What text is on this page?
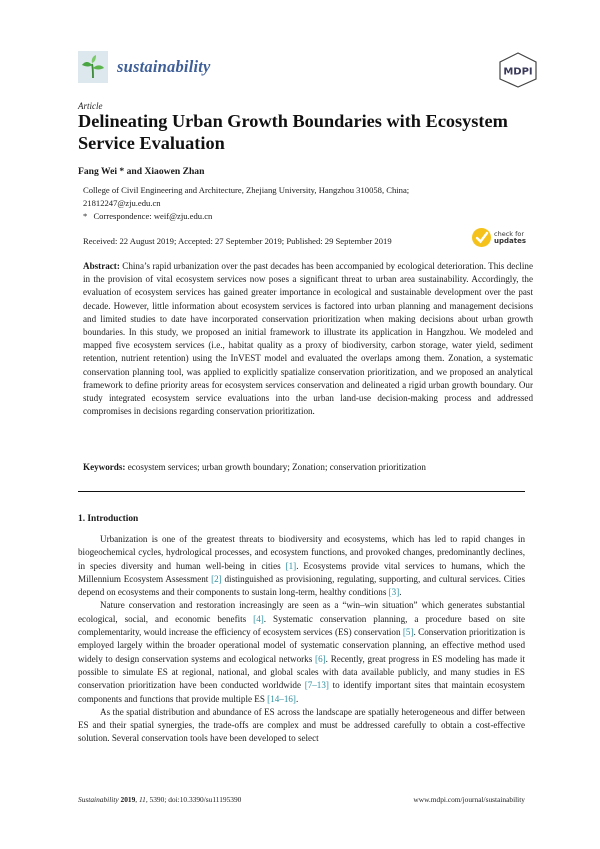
sustainability	MDPI
Article
Delineating Urban Growth Boundaries with Ecosystem Service Evaluation
Fang Wei * and Xiaowen Zhan
College of Civil Engineering and Architecture, Zhejiang University, Hangzhou 310058, China;
21812247@zju.edu.cn
* Correspondence: weif@zju.edu.cn
Received: 22 August 2019; Accepted: 27 September 2019; Published: 29 September 2019
check for
updates
Abstract: China’s rapid urbanization over the past decades has been accompanied by ecological deterioration. This decline in the provision of vital ecosystem services now poses a significant threat to urban area sustainability. Accordingly, the evaluation of ecosystem services has gained greater importance in ecological and sustainable development over the past decade. However, little information about ecosystem services is factored into urban planning and management decisions and limited studies to date have incorporated conservation prioritization when making decisions about urban growth boundaries. In this study, we proposed an initial framework to illustrate its application in Hangzhou. We modeled and mapped five ecosystem services (i.e., habitat quality as a proxy of biodiversity, carbon storage, water yield, sediment retention, nutrient retention) using the InVEST model and evaluated the overlaps among them. Zonation, a systematic conservation planning tool, was applied to explicitly spatialize conservation prioritization, and we proposed an analytical framework to define priority areas for ecosystem services conservation and delineated a rigid urban growth boundary. Our study integrated ecosystem service evaluations into the urban land-use decision-making process and addressed compromises in decisions regarding conservation prioritization.
Keywords: ecosystem services; urban growth boundary; Zonation; conservation prioritization
1. Introduction

Urbanization is one of the greatest threats to biodiversity and ecosystems, which has led to rapid changes in biogeochemical cycles, hydrological processes, and ecosystem functions, and provoked changes, predominantly declines, in species diversity and human well-being in cities [1]. Ecosystems provide vital services to humans, which the Millennium Ecosystem Assessment [2] distinguished as provisioning, regulating, supporting, and cultural services. Cities depend on ecosystems and their components to sustain long-term, healthy conditions [3].

Nature conservation and restoration increasingly are seen as a “win–win situation” which generates substantial ecological, social, and economic benefits [4]. Systematic conservation planning, a procedure based on site complementarity, would increase the efficiency of ecosystem services (ES) conservation [5]. Conservation prioritization is employed largely within the broader operational model of systematic conservation planning, an effective method used widely to design conservation systems and ecological networks [6]. Recently, great progress in ES modeling has made it possible to simulate ES at regional, national, and global scales with data available publicly, and many studies in ES conservation prioritization have been conducted worldwide [7–13] to identify important sites that maintain ecosystem components and functions that provide multiple ES [14–16].

As the spatial distribution and abundance of ES across the landscape are spatially heterogeneous and differ between ES and their spatial synergies, the trade-offs are complex and must be addressed carefully to obtain a cost-effective solution. Several conservation tools have been developed to select

Sustainability 2019, 11, 5390; doi:10.3390/su11195390	www.mdpi.com/journal/sustainability
